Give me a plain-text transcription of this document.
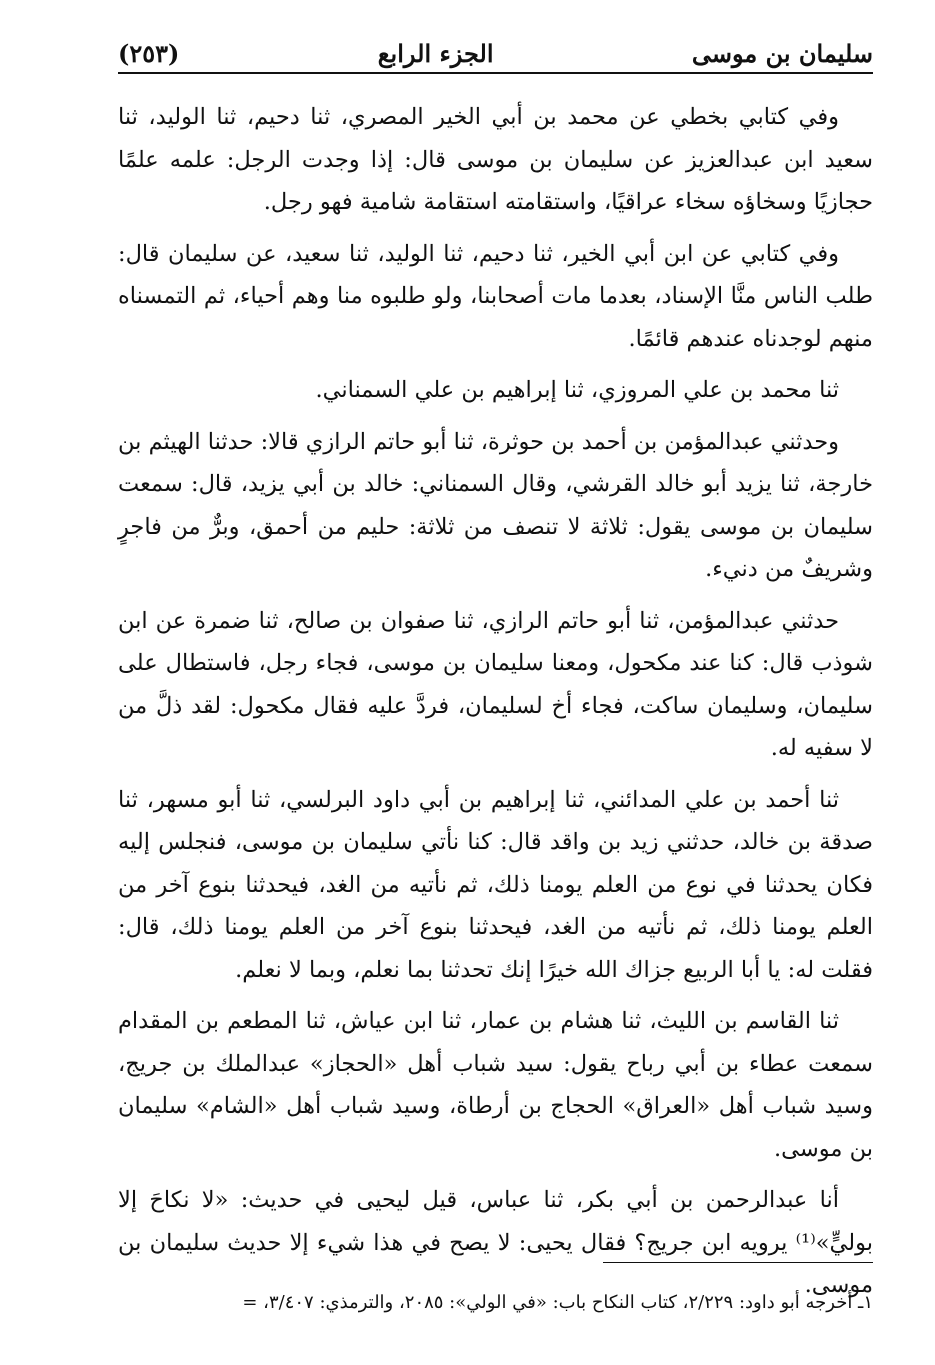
سليمان بن موسى
الجزء الرابع
(٢٥٣)

وفي كتابي بخطي عن محمد بن أبي الخير المصري، ثنا دحيم، ثنا الوليد، ثنا سعيد ابن عبدالعزيز عن سليمان بن موسى قال: إذا وجدت الرجل: علمه علمًا حجازيًا وسخاؤه سخاء عراقيًا، واستقامته استقامة شامية فهو رجل.

وفي كتابي عن ابن أبي الخير، ثنا دحيم، ثنا الوليد، ثنا سعيد، عن سليمان قال: طلب الناس منَّا الإسناد، بعدما مات أصحابنا، ولو طلبوه منا وهم أحياء، ثم التمسناه منهم لوجدناه عندهم قائمًا.

ثنا محمد بن علي المروزي، ثنا إبراهيم بن علي السمناني.

وحدثني عبدالمؤمن بن أحمد بن حوثرة، ثنا أبو حاتم الرازي قالا: حدثنا الهيثم بن خارجة، ثنا يزيد أبو خالد القرشي، وقال السمناني: خالد بن أبي يزيد، قال: سمعت سليمان بن موسى يقول: ثلاثة لا تنصف من ثلاثة: حليم من أحمق، وبرٌّ من فاجرٍ وشريفٌ من دنيء.

حدثني عبدالمؤمن، ثنا أبو حاتم الرازي، ثنا صفوان بن صالح، ثنا ضمرة عن ابن شوذب قال: كنا عند مكحول، ومعنا سليمان بن موسى، فجاء رجل، فاستطال على سليمان، وسليمان ساكت، فجاء أخ لسليمان، فردَّ عليه فقال مكحول: لقد ذلَّ من لا سفيه له.

ثنا أحمد بن علي المدائني، ثنا إبراهيم بن أبي داود البرلسي، ثنا أبو مسهر، ثنا صدقة بن خالد، حدثني زيد بن واقد قال: كنا نأتي سليمان بن موسى، فنجلس إليه فكان يحدثنا في نوع من العلم يومنا ذلك، ثم نأتيه من الغد، فيحدثنا بنوع آخر من العلم يومنا ذلك، ثم نأتيه من الغد، فيحدثنا بنوع آخر من العلم يومنا ذلك، قال: فقلت له: يا أبا الربيع جزاك الله خيرًا إنك تحدثنا بما نعلم، وبما لا نعلم.

ثنا القاسم بن الليث، ثنا هشام بن عمار، ثنا ابن عياش، ثنا المطعم بن المقدام سمعت عطاء بن أبي رباح يقول: سيد شباب أهل «الحجاز» عبدالملك بن جريج، وسيد شباب أهل «العراق» الحجاج بن أرطاة، وسيد شباب أهل «الشام» سليمان بن موسى.

أنا عبدالرحمن بن أبي بكر، ثنا عباس، قيل ليحيى في حديث: «لا نكاحَ إلا بوليٍّ»⁽¹⁾ يرويه ابن جريج؟ فقال يحيى: لا يصح في هذا شيء إلا حديث سليمان بن موسى.

١ـ أخرجه أبو داود: ٢/٢٢٩، كتاب النكاح باب: «في الولي»: ٢٠٨٥، والترمذي: ٣/٤٠٧، =
